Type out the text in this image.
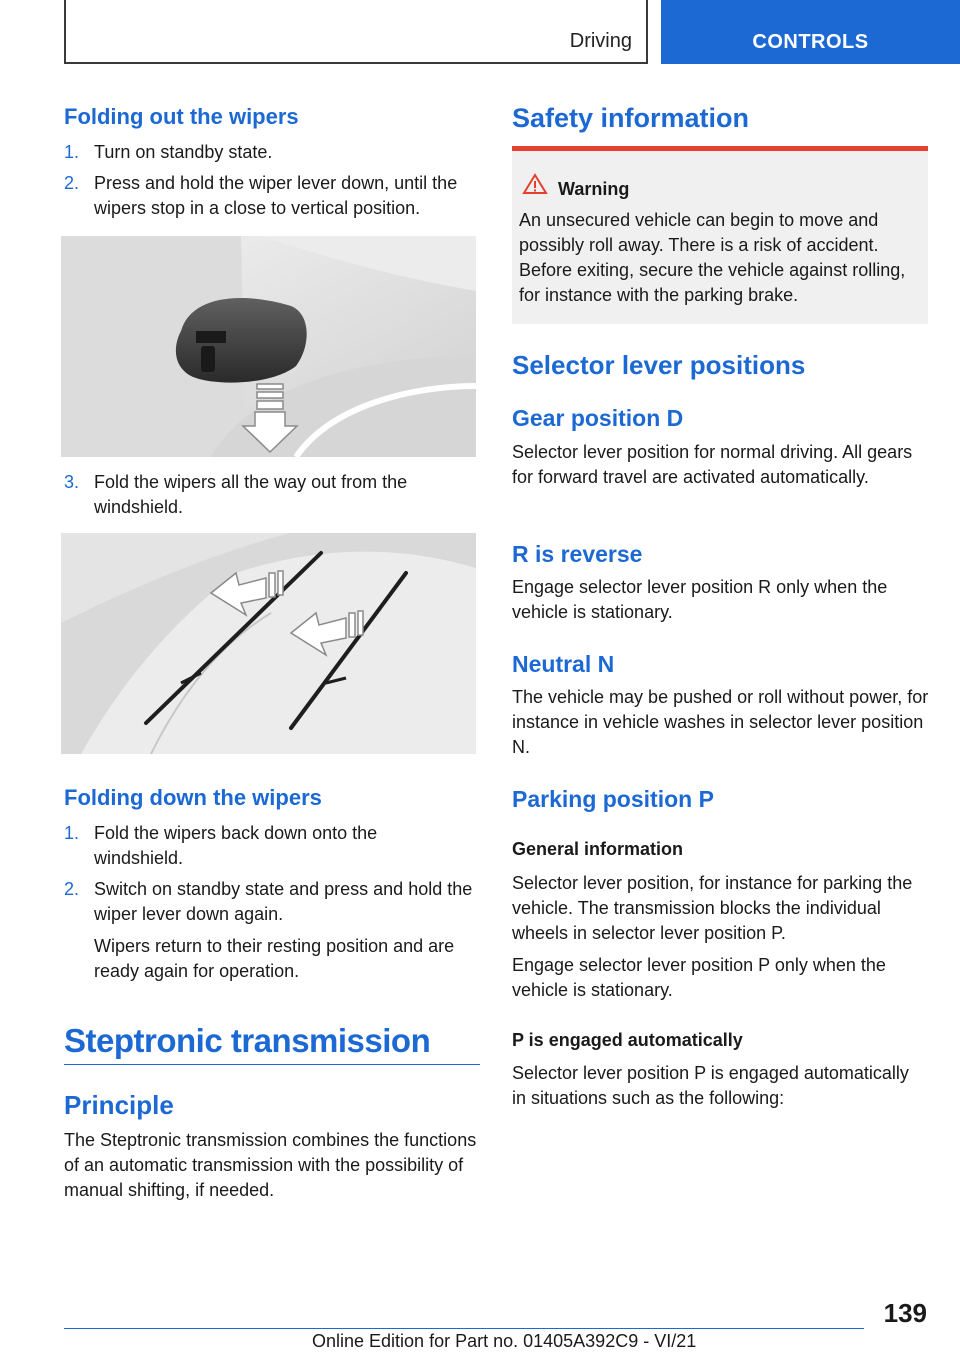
Driving	CONTROLS
Folding out the wipers
1. Turn on standby state.
2. Press and hold the wiper lever down, until the wipers stop in a close to vertical position.
3. Fold the wipers all the way out from the windshield.
Folding down the wipers
1. Fold the wipers back down onto the windshield.
2. Switch on standby state and press and hold the wiper lever down again.
Wipers return to their resting position and are ready again for operation.
Steptronic transmission
Principle
The Steptronic transmission combines the functions of an automatic transmission with the possibility of manual shifting, if needed.
Safety information
Warning
An unsecured vehicle can begin to move and possibly roll away. There is a risk of accident. Before exiting, secure the vehicle against rolling, for instance with the parking brake.
Selector lever positions
Gear position D
Selector lever position for normal driving. All gears for forward travel are activated automatically.
R is reverse
Engage selector lever position R only when the vehicle is stationary.
Neutral N
The vehicle may be pushed or roll without power, for instance in vehicle washes in selector lever position N.
Parking position P
General information
Selector lever position, for instance for parking the vehicle. The transmission blocks the individual wheels in selector lever position P.
Engage selector lever position P only when the vehicle is stationary.
P is engaged automatically
Selector lever position P is engaged automatically in situations such as the following:
139
Online Edition for Part no. 01405A392C9 - VI/21
